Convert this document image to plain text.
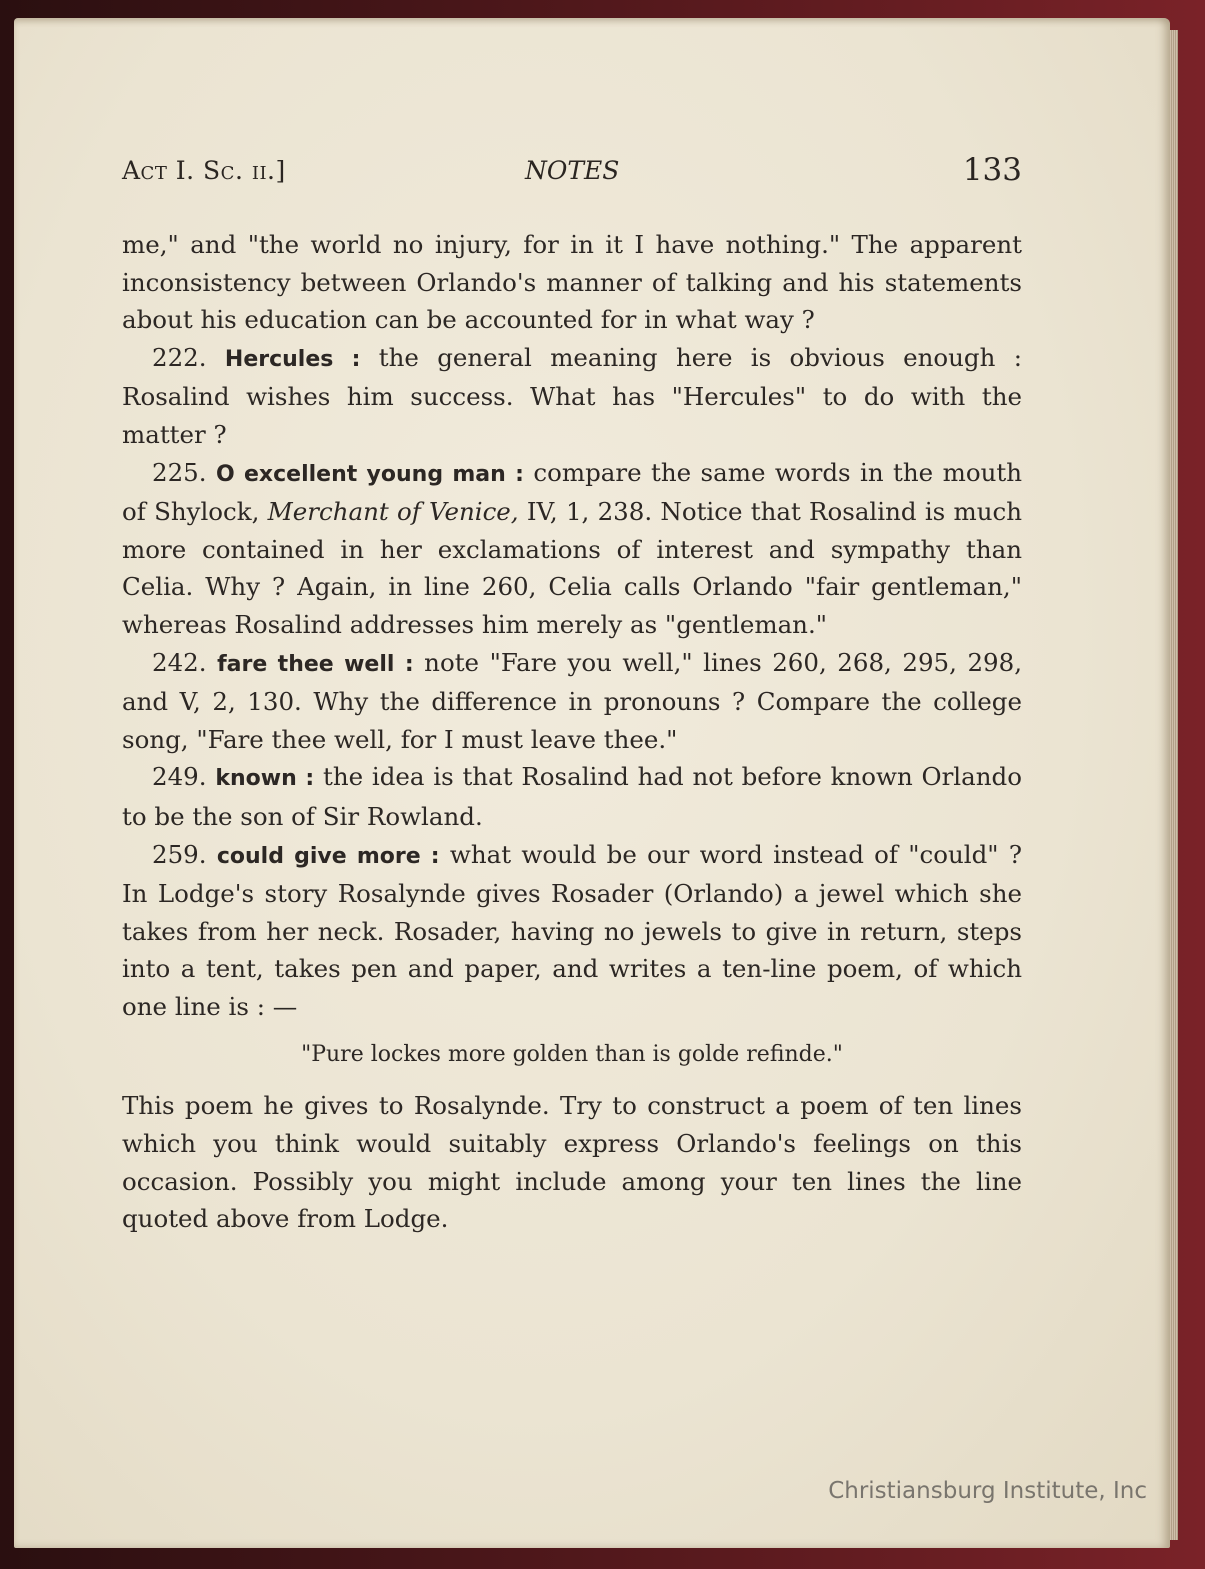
Act I. Sc. ii.]	NOTES	133

me," and "the world no injury, for in it I have nothing." The apparent inconsistency between Orlando's manner of talking and his statements about his education can be accounted for in what way ?

222. Hercules : the general meaning here is obvious enough : Rosalind wishes him success. What has "Hercules" to do with the matter ?

225. O excellent young man : compare the same words in the mouth of Shylock, Merchant of Venice, IV, 1, 238. Notice that Rosalind is much more contained in her exclamations of interest and sympathy than Celia. Why ? Again, in line 260, Celia calls Orlando "fair gentleman," whereas Rosalind addresses him merely as "gentleman."

242. fare thee well : note "Fare you well," lines 260, 268, 295, 298, and V, 2, 130. Why the difference in pronouns ? Compare the college song, "Fare thee well, for I must leave thee."

249. known : the idea is that Rosalind had not before known Orlando to be the son of Sir Rowland.

259. could give more : what would be our word instead of "could" ? In Lodge's story Rosalynde gives Rosader (Orlando) a jewel which she takes from her neck. Rosader, having no jewels to give in return, steps into a tent, takes pen and paper, and writes a ten-line poem, of which one line is : —

"Pure lockes more golden than is golde refinde."

This poem he gives to Rosalynde. Try to construct a poem of ten lines which you think would suitably express Orlando's feelings on this occasion. Possibly you might include among your ten lines the line quoted above from Lodge.

Christiansburg Institute, Inc
